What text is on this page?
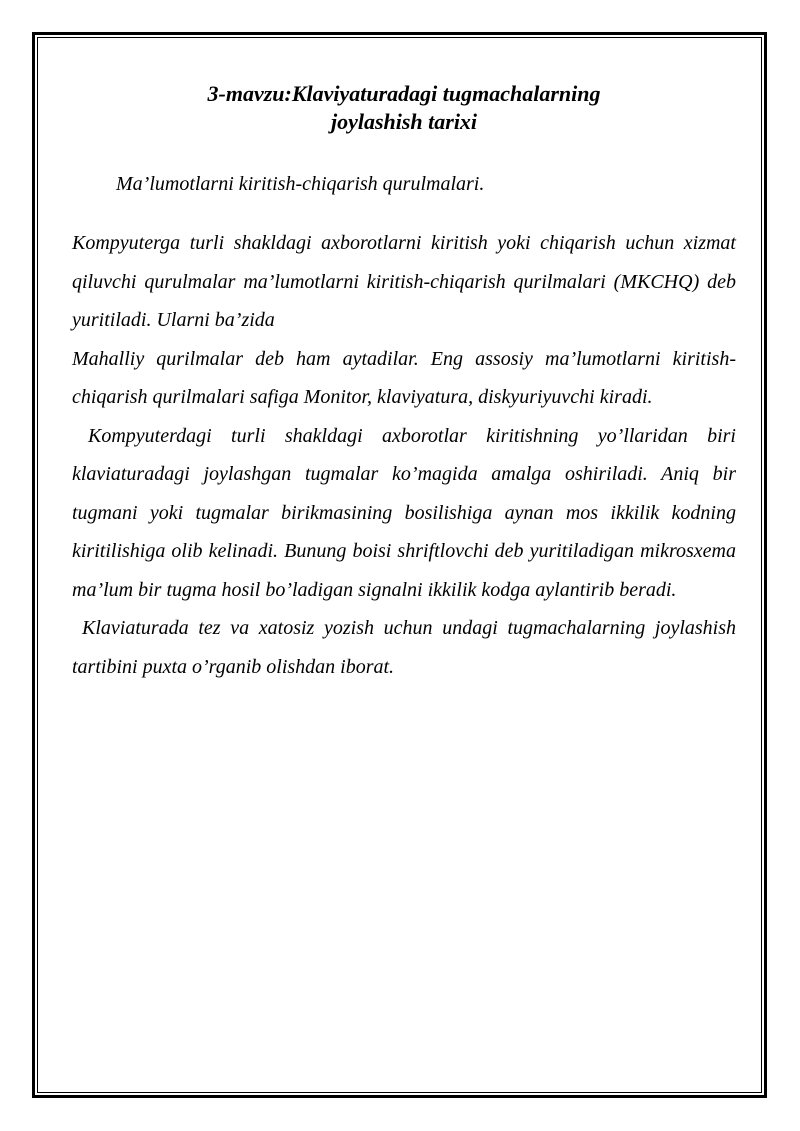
3-mavzu:Klaviyaturadagi tugmachalarning
joylashish tarixi
Ma’lumotlarni kiritish-chiqarish qurulmalari.

Kompyuterga turli shakldagi axborotlarni kiritish yoki chiqarish uchun xizmat qiluvchi qurulmalar ma’lumotlarni kiritish-chiqarish qurilmalari (MKCHQ) deb yuritiladi. Ularni ba’zida

Mahalliy qurilmalar deb ham aytadilar. Eng assosiy ma’lumotlarni kiritish-chiqarish qurilmalari safiga Monitor, klaviyatura, diskyuriyuvchi kiradi.

Kompyuterdagi turli shakldagi axborotlar kiritishning yo’llaridan biri klaviaturadagi joylashgan tugmalar ko’magida amalga oshiriladi. Aniq bir tugmani yoki tugmalar birikmasining bosilishiga aynan mos ikkilik kodning kiritilishiga olib kelinadi. Bunung boisi shriftlovchi deb yuritiladigan mikrosxema ma’lum bir tugma hosil bo’ladigan signalni ikkilik kodga aylantirib beradi.

Klaviaturada tez va xatosiz yozish uchun undagi tugmachalarning joylashish tartibini puxta o’rganib olishdan iborat.
